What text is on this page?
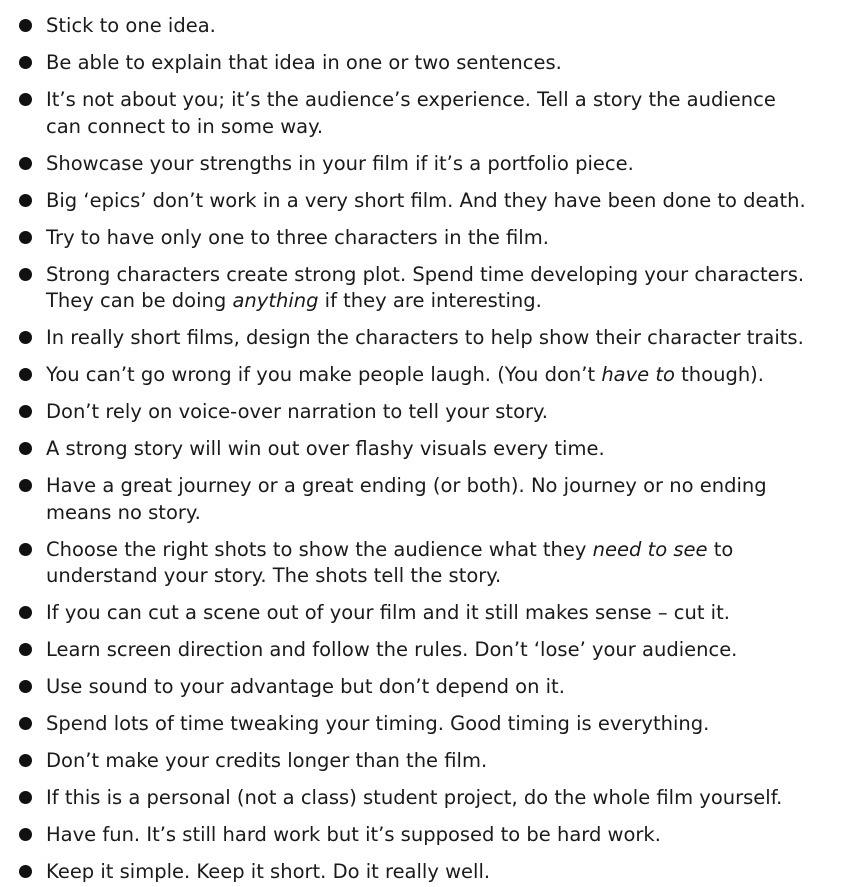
Stick to one idea.
Be able to explain that idea in one or two sentences.
It’s not about you; it’s the audience’s experience. Tell a story the audience
can connect to in some way.
Showcase your strengths in your film if it’s a portfolio piece.
Big ‘epics’ don’t work in a very short film. And they have been done to death.
Try to have only one to three characters in the film.
Strong characters create strong plot. Spend time developing your characters.
They can be doing anything if they are interesting.
In really short films, design the characters to help show their character traits.
You can’t go wrong if you make people laugh. (You don’t have to though).
Don’t rely on voice-over narration to tell your story.
A strong story will win out over flashy visuals every time.
Have a great journey or a great ending (or both). No journey or no ending
means no story.
Choose the right shots to show the audience what they need to see to
understand your story. The shots tell the story.
If you can cut a scene out of your film and it still makes sense – cut it.
Learn screen direction and follow the rules. Don’t ‘lose’ your audience.
Use sound to your advantage but don’t depend on it.
Spend lots of time tweaking your timing. Good timing is everything.
Don’t make your credits longer than the film.
If this is a personal (not a class) student project, do the whole film yourself.
Have fun. It’s still hard work but it’s supposed to be hard work.
Keep it simple. Keep it short. Do it really well.
